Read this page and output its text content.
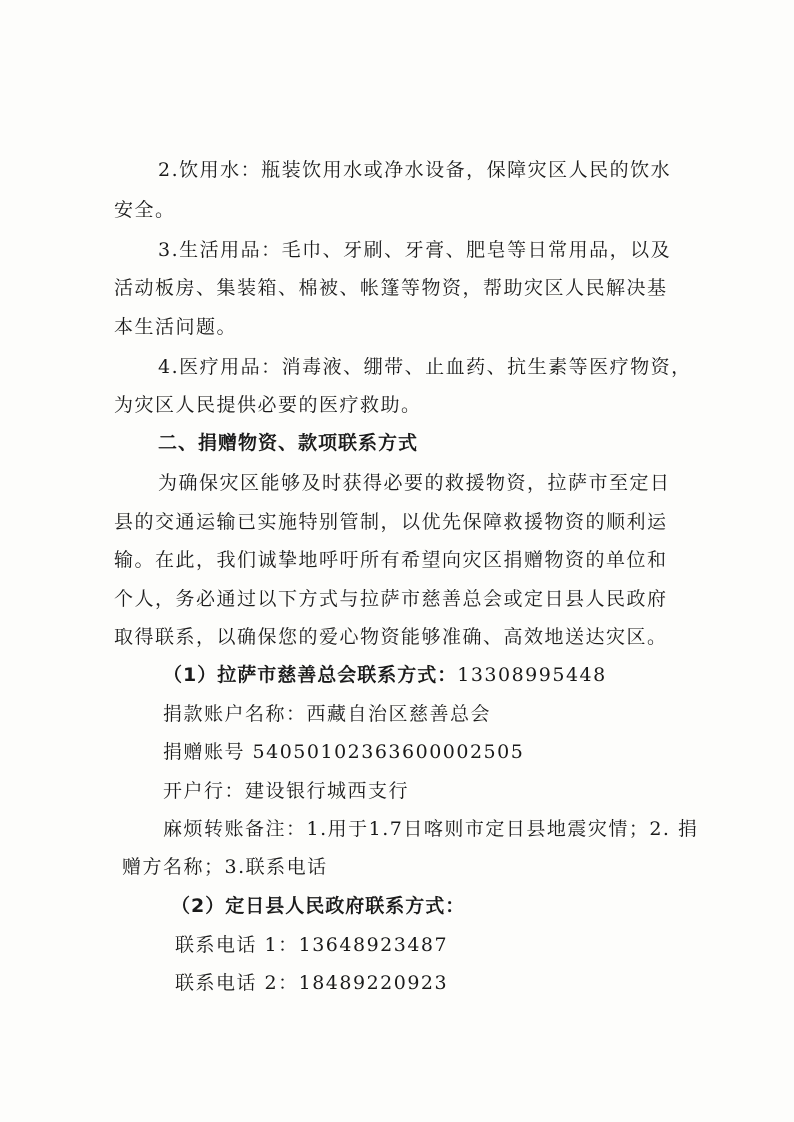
2.饮用水：瓶装饮用水或净水设备，保障灾区人民的饮水
安全。
3.生活用品：毛巾、牙刷、牙膏、肥皂等日常用品，以及
活动板房、集装箱、棉被、帐篷等物资，帮助灾区人民解决基
本生活问题。
4.医疗用品：消毒液、绷带、止血药、抗生素等医疗物资，
为灾区人民提供必要的医疗救助。
二、捐赠物资、款项联系方式
为确保灾区能够及时获得必要的救援物资，拉萨市至定日
县的交通运输已实施特别管制，以优先保障救援物资的顺利运
输。在此，我们诚挚地呼吁所有希望向灾区捐赠物资的单位和
个人，务必通过以下方式与拉萨市慈善总会或定日县人民政府
取得联系，以确保您的爱心物资能够准确、高效地送达灾区。
（1）拉萨市慈善总会联系方式：13308995448
捐款账户名称：西藏自治区慈善总会
捐赠账号 54050102363600002505
开户行：建设银行城西支行
麻烦转账备注：1.用于1.7日喀则市定日县地震灾情；2. 捐
赠方名称；3.联系电话
（2）定日县人民政府联系方式：
联系电话 1：13648923487
联系电话 2：18489220923
